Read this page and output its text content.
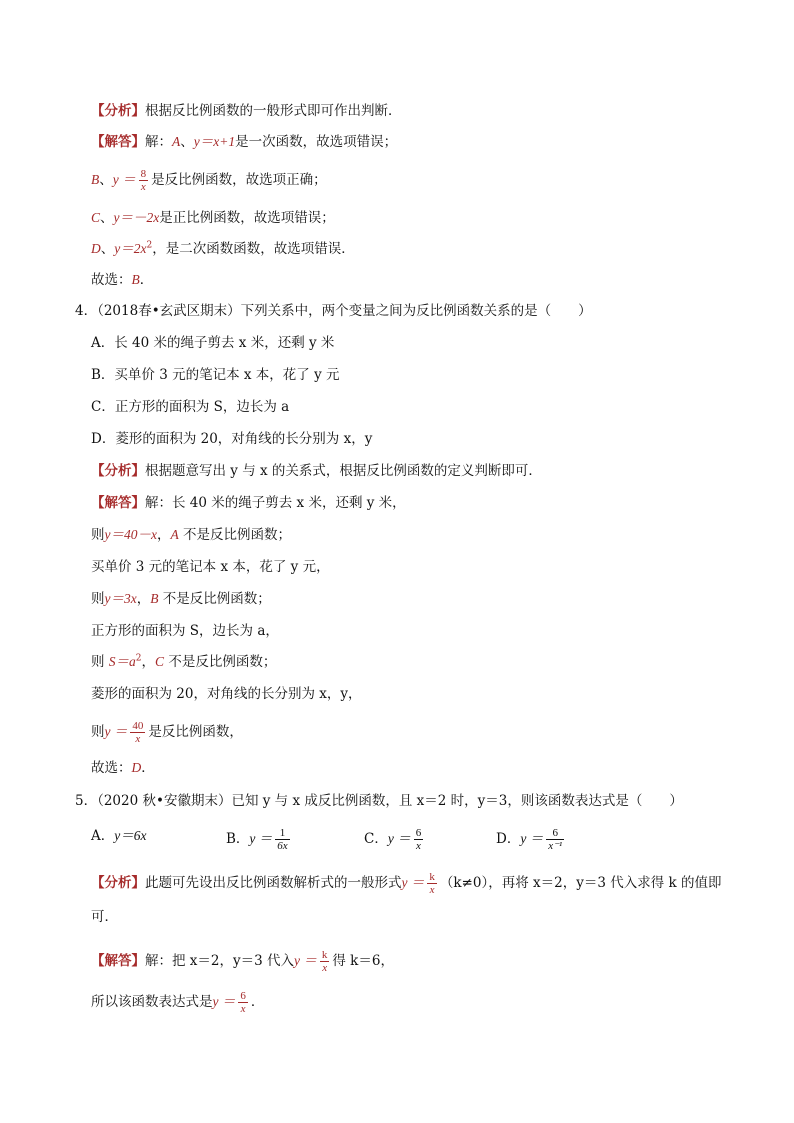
【分析】根据反比例函数的一般形式即可作出判断．
【解答】解：A、y＝x+1是一次函数，故选项错误；
B、$y = \frac{8}{x}$ 是反比例函数，故选项正确；
C、y＝－2x是正比例函数，故选项错误；
D、$y=2x^2$，是二次函数函数，故选项错误．
故选：B．
4．（2018春•玄武区期末）下列关系中，两个变量之间为反比例函数关系的是（　　）
A．长 40 米的绳子剪去 x 米，还剩 y 米
B．买单价 3 元的笔记本 x 本，花了 y 元
C．正方形的面积为 S，边长为 a
D．菱形的面积为 20，对角线的长分别为 x，y
【分析】根据题意写出 y 与 x 的关系式，根据反比例函数的定义判断即可．
【解答】解：长 40 米的绳子剪去 x 米，还剩 y 米，
则y＝40－x，A 不是反比例函数；
买单价 3 元的笔记本 x 本，花了 y 元，
则y＝3x，B 不是反比例函数；
正方形的面积为 S，边长为 a，
则 $S=a^2$，C 不是反比例函数；
菱形的面积为 20，对角线的长分别为 x，y，
则$y = \frac{40}{x}$ 是反比例函数，
故选：D．
5．（2020 秋•安徽期末）已知 y 与 x 成反比例函数，且 x＝2 时，y＝3，则该函数表达式是（　　）
A．y＝6x	B．$y = \frac{1}{6x}$	C．$y = \frac{6}{x}$	D．$y = \frac{6}{\text{x⁻¹}}$
【分析】此题可先设出反比例函数解析式的一般形式$y = \frac{k}{x} (k\ne 0)$，再将 x＝2，y＝3 代入求得 k 的值即
可．
【解答】解：把 x＝2，y＝3 代入$y = \frac{k}{x}$ 得 k＝6，
所以该函数表达式是$y = \frac{6}{x}$ ．
